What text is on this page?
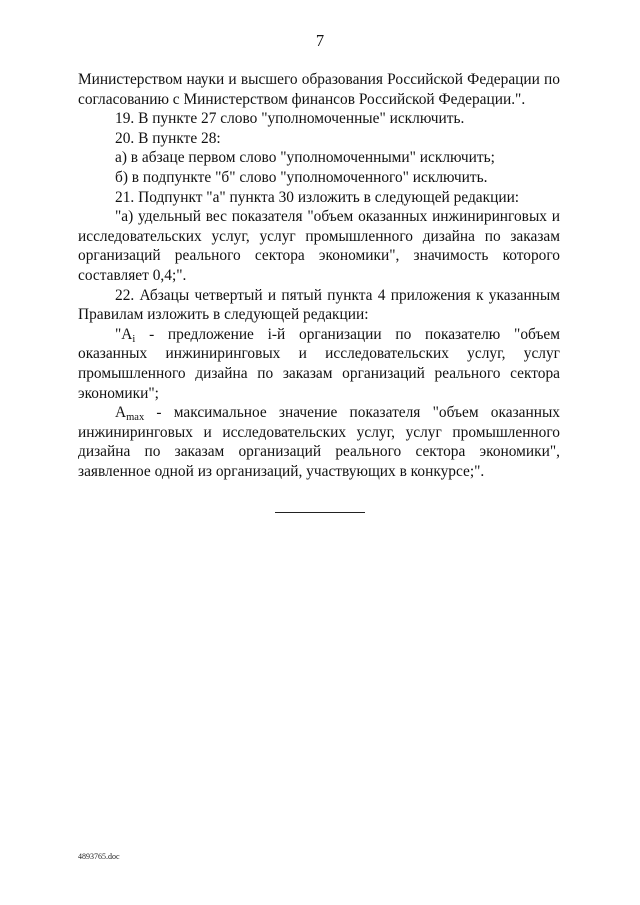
7

Министерством науки и высшего образования Российской Федерации по согласованию с Министерством финансов Российской Федерации.".

19. В пункте 27 слово "уполномоченные" исключить.

20. В пункте 28:

а) в абзаце первом слово "уполномоченными" исключить;

б) в подпункте "б" слово "уполномоченного" исключить.

21. Подпункт "а" пункта 30 изложить в следующей редакции:

"а) удельный вес показателя "объем оказанных инжиниринговых и исследовательских услуг, услуг промышленного дизайна по заказам организаций реального сектора экономики", значимость которого составляет 0,4;".

22. Абзацы четвертый и пятый пункта 4 приложения к указанным Правилам изложить в следующей редакции:

"$A_i$ - предложение i-й организации по показателю "объем оказанных инжиниринговых и исследовательских услуг, услуг промышленного дизайна по заказам организаций реального сектора экономики";

$A_{max}$ - максимальное значение показателя "объем оказанных инжиниринговых и исследовательских услуг, услуг промышленного дизайна по заказам организаций реального сектора экономики", заявленное одной из организаций, участвующих в конкурсе;".

4893765.doc
